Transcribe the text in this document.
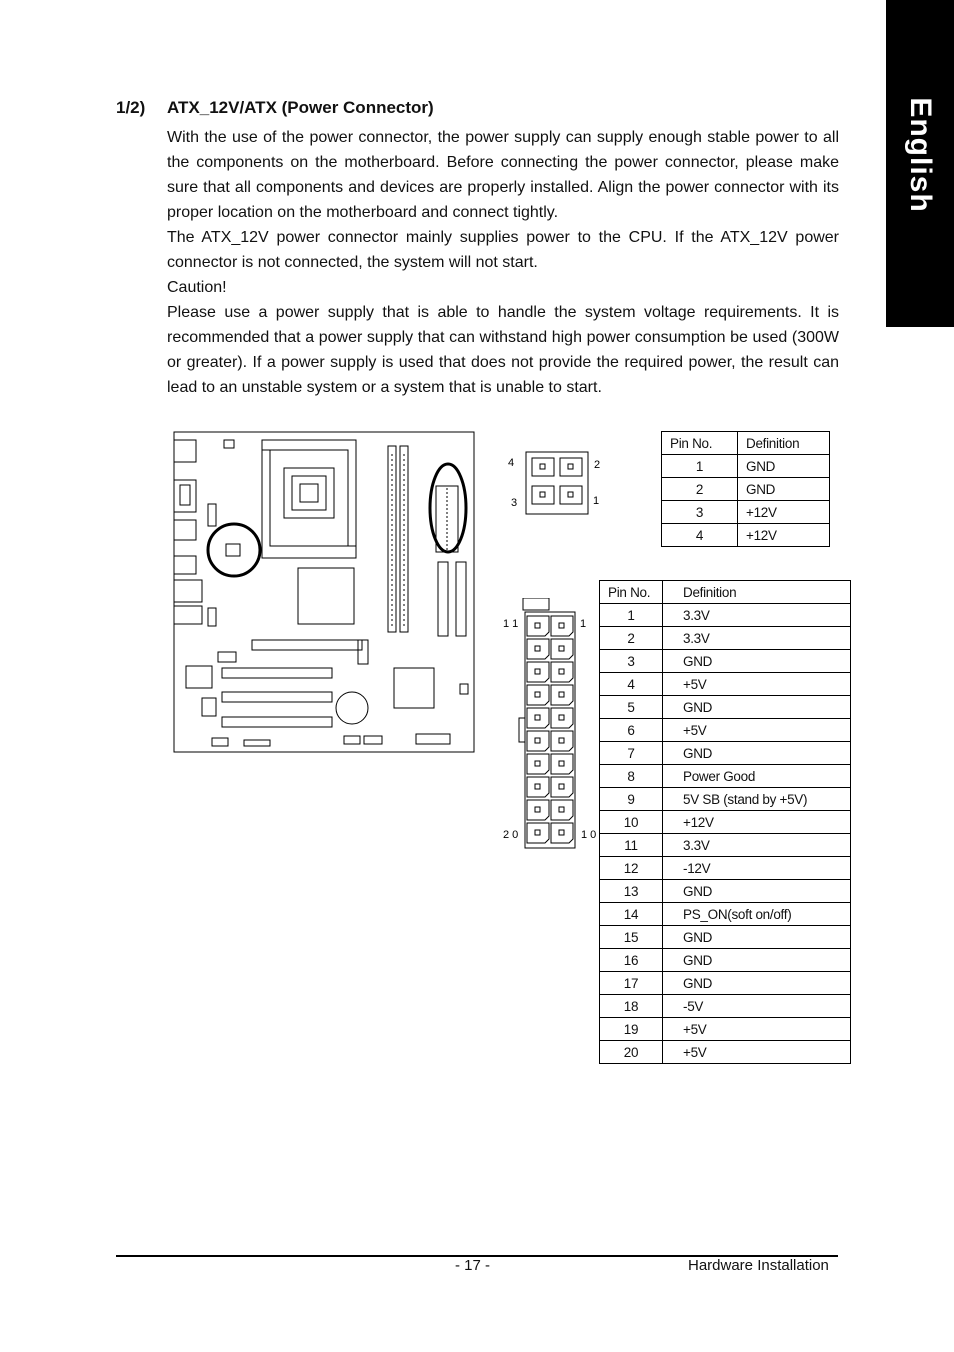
English
1/2) ATX_12V/ATX (Power Connector)

With the use of the power connector, the power supply can supply enough stable power to all the components on the motherboard. Before connecting the power connector, please make sure that all components and devices are properly installed. Align the power connector with its proper location on the motherboard and connect tightly.

The ATX_12V power connector mainly supplies power to the CPU. If the ATX_12V power connector is not connected, the system will not start.

Caution!

Please use a power supply that is able to handle the system voltage requirements. It is recommended that a power supply that can withstand high power consumption be used (300W or greater). If a power supply is used that does not provide the required power, the result can lead to an unstable system or a system that is unable to start.

4	2
3	1
1 1	1
2 0	1 0
Pin No.	Definition
1	GND
2	GND
3	+12V
4	+12V
Pin No.	Definition
1	3.3V
2	3.3V
3	GND
4	+5V
5	GND
6	+5V
7	GND
8	Power Good
9	5V SB (stand by +5V)
10	+12V
11	3.3V
12	-12V
13	GND
14	PS_ON(soft on/off)
15	GND
16	GND
17	GND
18	-5V
19	+5V
20	+5V
- 17 -	Hardware Installation
